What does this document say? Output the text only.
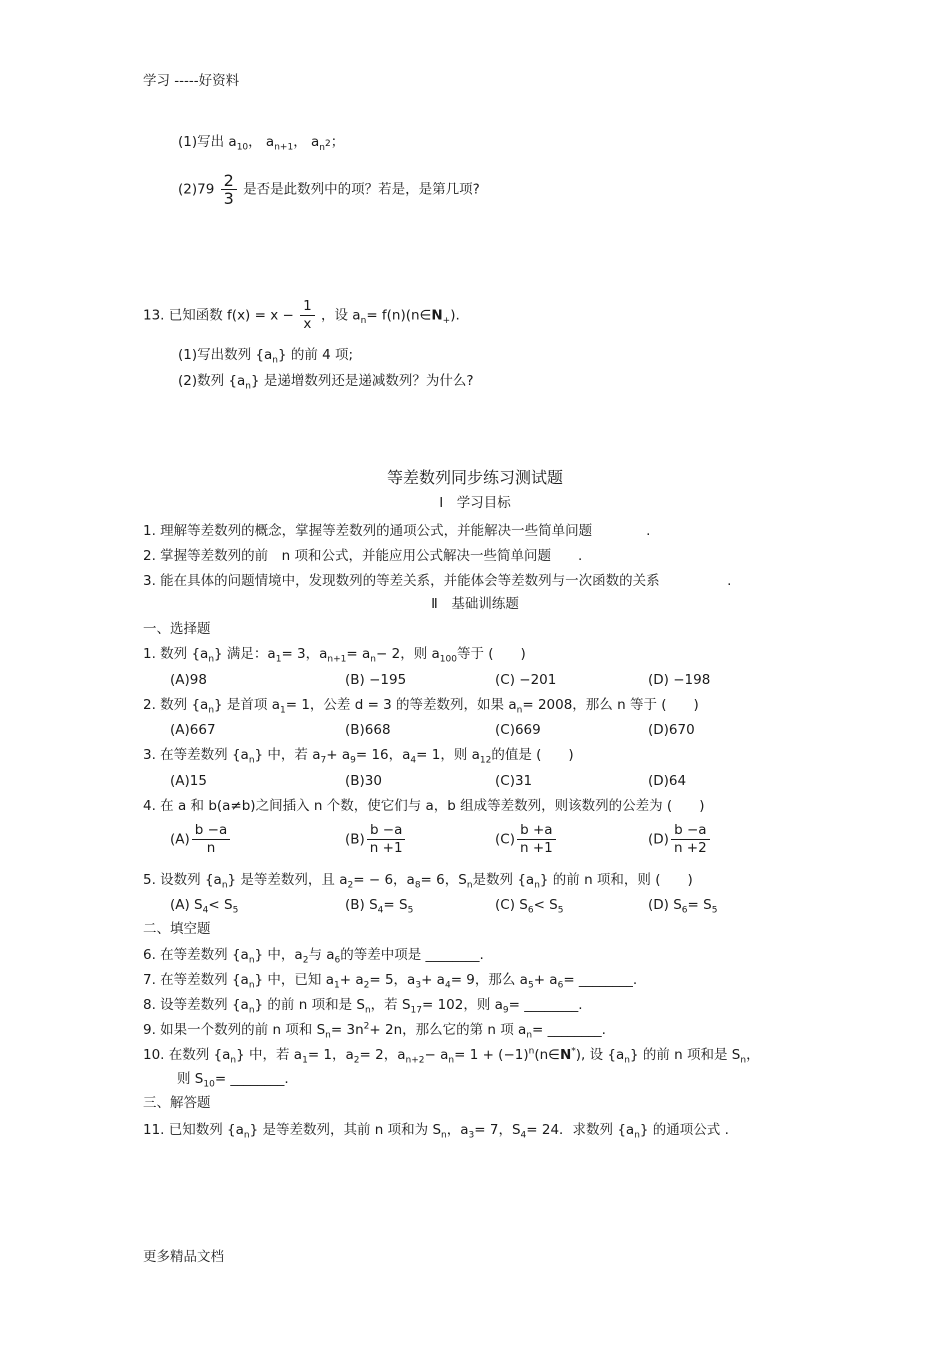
学习 -----好资料
更多精品文档
(1)写出 $a_{10}$， $a_{n+1}$， $a_{n^2}$；
$(2)79 \frac{2}{3}$ 是否是此数列中的项？若是，是第几项?
13. 已知函数 $f(x) = x - \frac{1}{x}$ ，设 $a_n=$ $f(n)(n\in N_+)$.
(1)写出数列 $\{a_n\}$ 的前 4 项;
(2)数列 $\{a_n\}$ 是递增数列还是递减数列？为什么?
等差数列同步练习测试题
Ⅰ　学习目标
1. 理解等差数列的概念，掌握等差数列的通项公式，并能解决一些简单问题　　　　.
2. 掌握等差数列的前　n 项和公式，并能应用公式解决一些简单问题　　.
3. 能在具体的问题情境中，发现数列的等差关系，并能体会等差数列与一次函数的关系　　　　　.
Ⅱ　基础训练题
一、选择题
1. 数列 $\{a_n\}$ 满足：$a_1= 3$，$a_{n+1}= a_n- 2$，则 $a_{100}$等于 (　　)
(A)98	(B) −195	(C) −201	(D) −198
2. 数列 $\{a_n\}$ 是首项 $a_1= 1$，公差 d = 3 的等差数列，如果 $a_n= 2008$，那么 n 等于 (　　)
(A)667	(B)668	(C)669	(D)670
3. 在等差数列 $\{a_n\}$ 中，若 $a_7+ a_9= 16$，$a_4= 1$，则 $a_{12}$的值是 (　　)
(A)15	(B)30	(C)31	(D)64
4. 在 a 和 b(a≠b)之间插入 n 个数，使它们与 a，b 组成等差数列，则该数列的公差为 (　　)
$(A) \frac{b -a}{n}$	$(B) \frac{b -a}{n +1}$	$(C) \frac{b +a}{n +1}$	$(D) \frac{b -a}{n +2}$
5. 设数列 $\{a_n\}$ 是等差数列，且 $a_2= - 6$，$a_8= 6$，$S_n$是数列 $\{a_n\}$ 的前 n 项和，则 (　　)
(A) $S_4< S_5$	(B) $S_4= S_5$	(C) $S_6< S_5$	(D) $S_6= S_5$
二、填空题
6. 在等差数列 $\{a_n\}$ 中，$a_2$与 $a_6$的等差中项是 ________.
7. 在等差数列 $\{a_n\}$ 中，已知 $a_1+ a_2= 5$，$a_3+ a_4= 9$，那么 $a_5+ a_6=$ ________.
8. 设等差数列 $\{a_n\}$ 的前 n 项和是 $S_n$，若 $S_{17}= 102$，则 $a_9=$ ________.
9. 如果一个数列的前 n 项和 $S_n= 3n^2+ 2n$，那么它的第 n 项 $a_n=$ ________.
10. 在数列 $\{a_n\}$ 中，若 $a_1= 1$，$a_2= 2$，$a_{n+2}- a_n= 1$ + $(-1)^n(n\in N^*)$, 设 $\{a_n\}$ 的前 n 项和是 $S_n$，
则 $S_{10}=$ ________.
三、解答题
11. 已知数列 $\{a_n\}$ 是等差数列，其前 n 项和为 $S_n$，$a_3= 7$，$S_4= 24$．求数列 $\{a_n\}$ 的通项公式 .
